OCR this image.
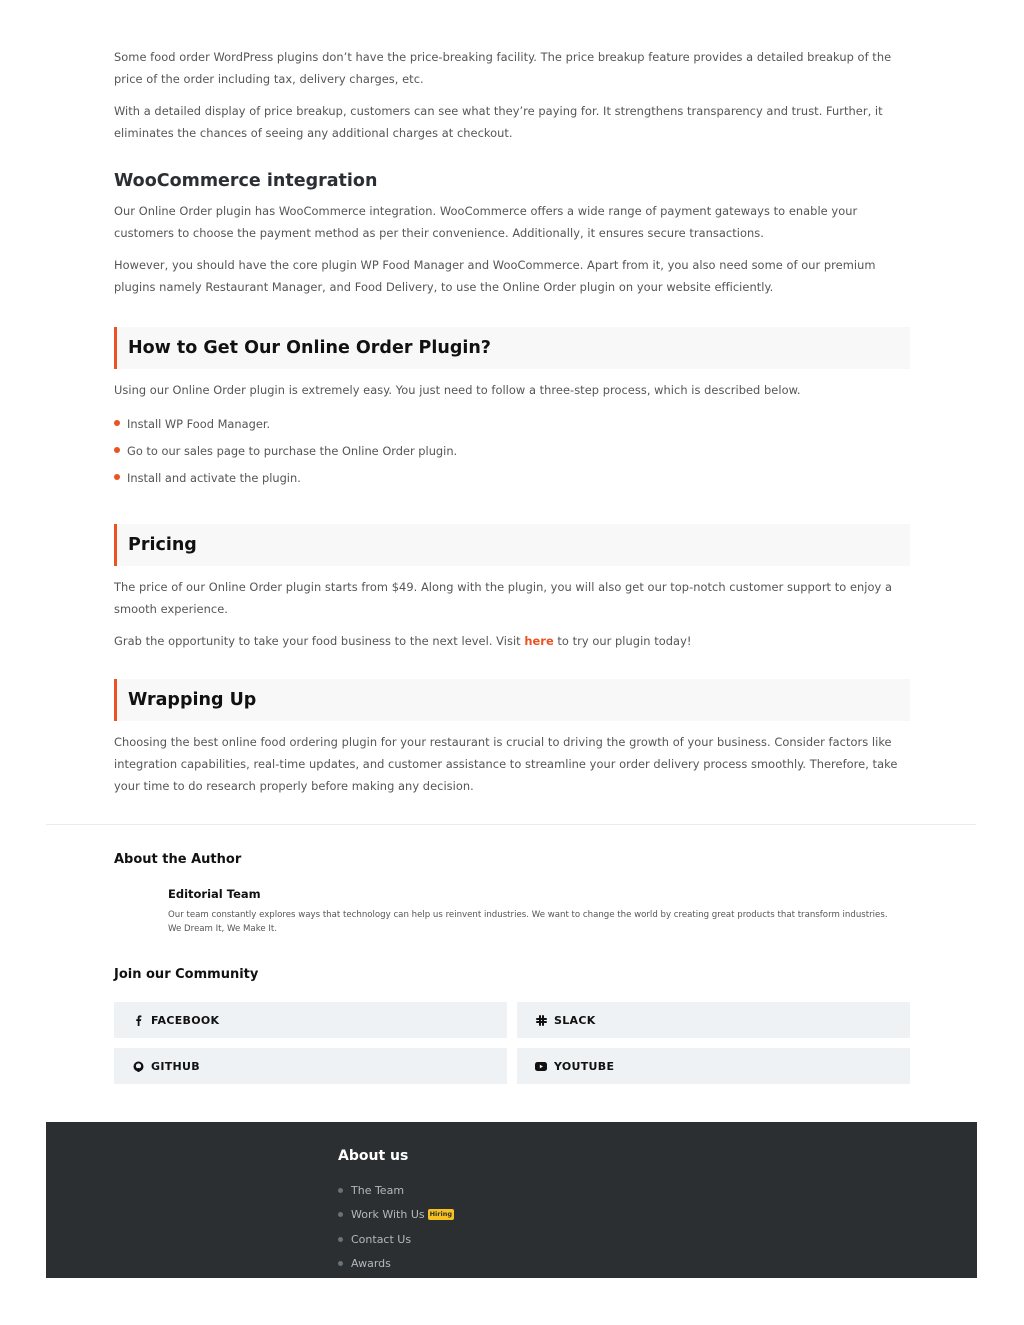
Some food order WordPress plugins don’t have the price-breaking facility. The price breakup feature provides a detailed breakup of the price of the order including tax, delivery charges, etc.

With a detailed display of price breakup, customers can see what they’re paying for. It strengthens transparency and trust. Further, it eliminates the chances of seeing any additional charges at checkout.

WooCommerce integration

Our Online Order plugin has WooCommerce integration. WooCommerce offers a wide range of payment gateways to enable your customers to choose the payment method as per their convenience. Additionally, it ensures secure transactions.

However, you should have the core plugin WP Food Manager and WooCommerce. Apart from it, you also need some of our premium plugins namely Restaurant Manager, and Food Delivery, to use the Online Order plugin on your website efficiently.

How to Get Our Online Order Plugin?

Using our Online Order plugin is extremely easy. You just need to follow a three-step process, which is described below.

Install WP Food Manager.
Go to our sales page to purchase the Online Order plugin.
Install and activate the plugin.
Pricing

The price of our Online Order plugin starts from $49. Along with the plugin, you will also get our top-notch customer support to enjoy a smooth experience.

Grab the opportunity to take your food business to the next level. Visit here to try our plugin today!

Wrapping Up

Choosing the best online food ordering plugin for your restaurant is crucial to driving the growth of your business. Consider factors like integration capabilities, real-time updates, and customer assistance to streamline your order delivery process smoothly. Therefore, take your time to do research properly before making any decision.

About the Author
Editorial Team
Our team constantly explores ways that technology can help us reinvent industries. We want to change the world by creating great products that transform industries. We Dream It, We Make It.
Join our Community
FACEBOOK	SLACK
GITHUB	YOUTUBE
About us
The Team
Work With Us Hiring
Contact Us
Awards
